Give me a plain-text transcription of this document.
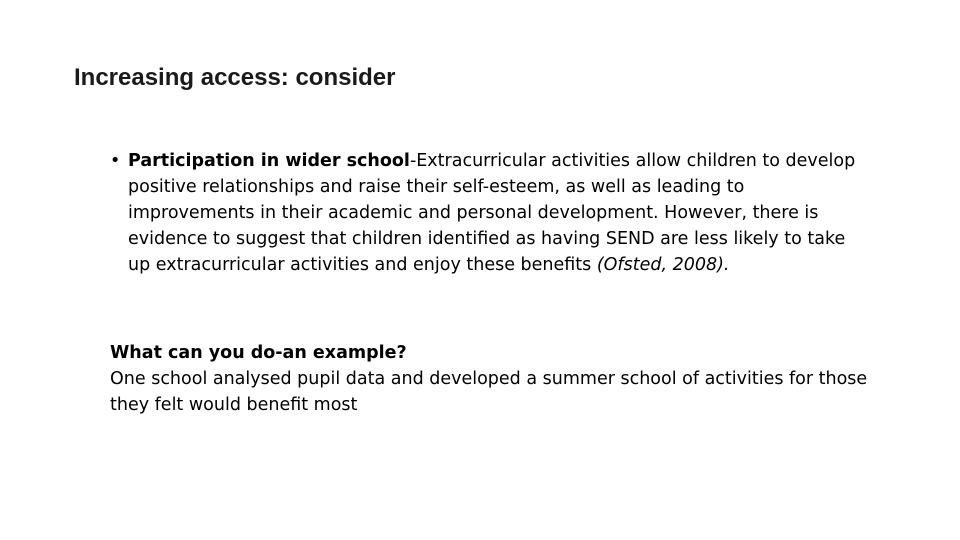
Increasing access: consider
• Participation in wider school-Extracurricular activities allow children to develop positive relationships and raise their self-esteem, as well as leading to improvements in their academic and personal development. However, there is evidence to suggest that children identified as having SEND are less likely to take up extracurricular activities and enjoy these benefits (Ofsted, 2008).
What can you do-an example?
One school analysed pupil data and developed a summer school of activities for those they felt would benefit most
